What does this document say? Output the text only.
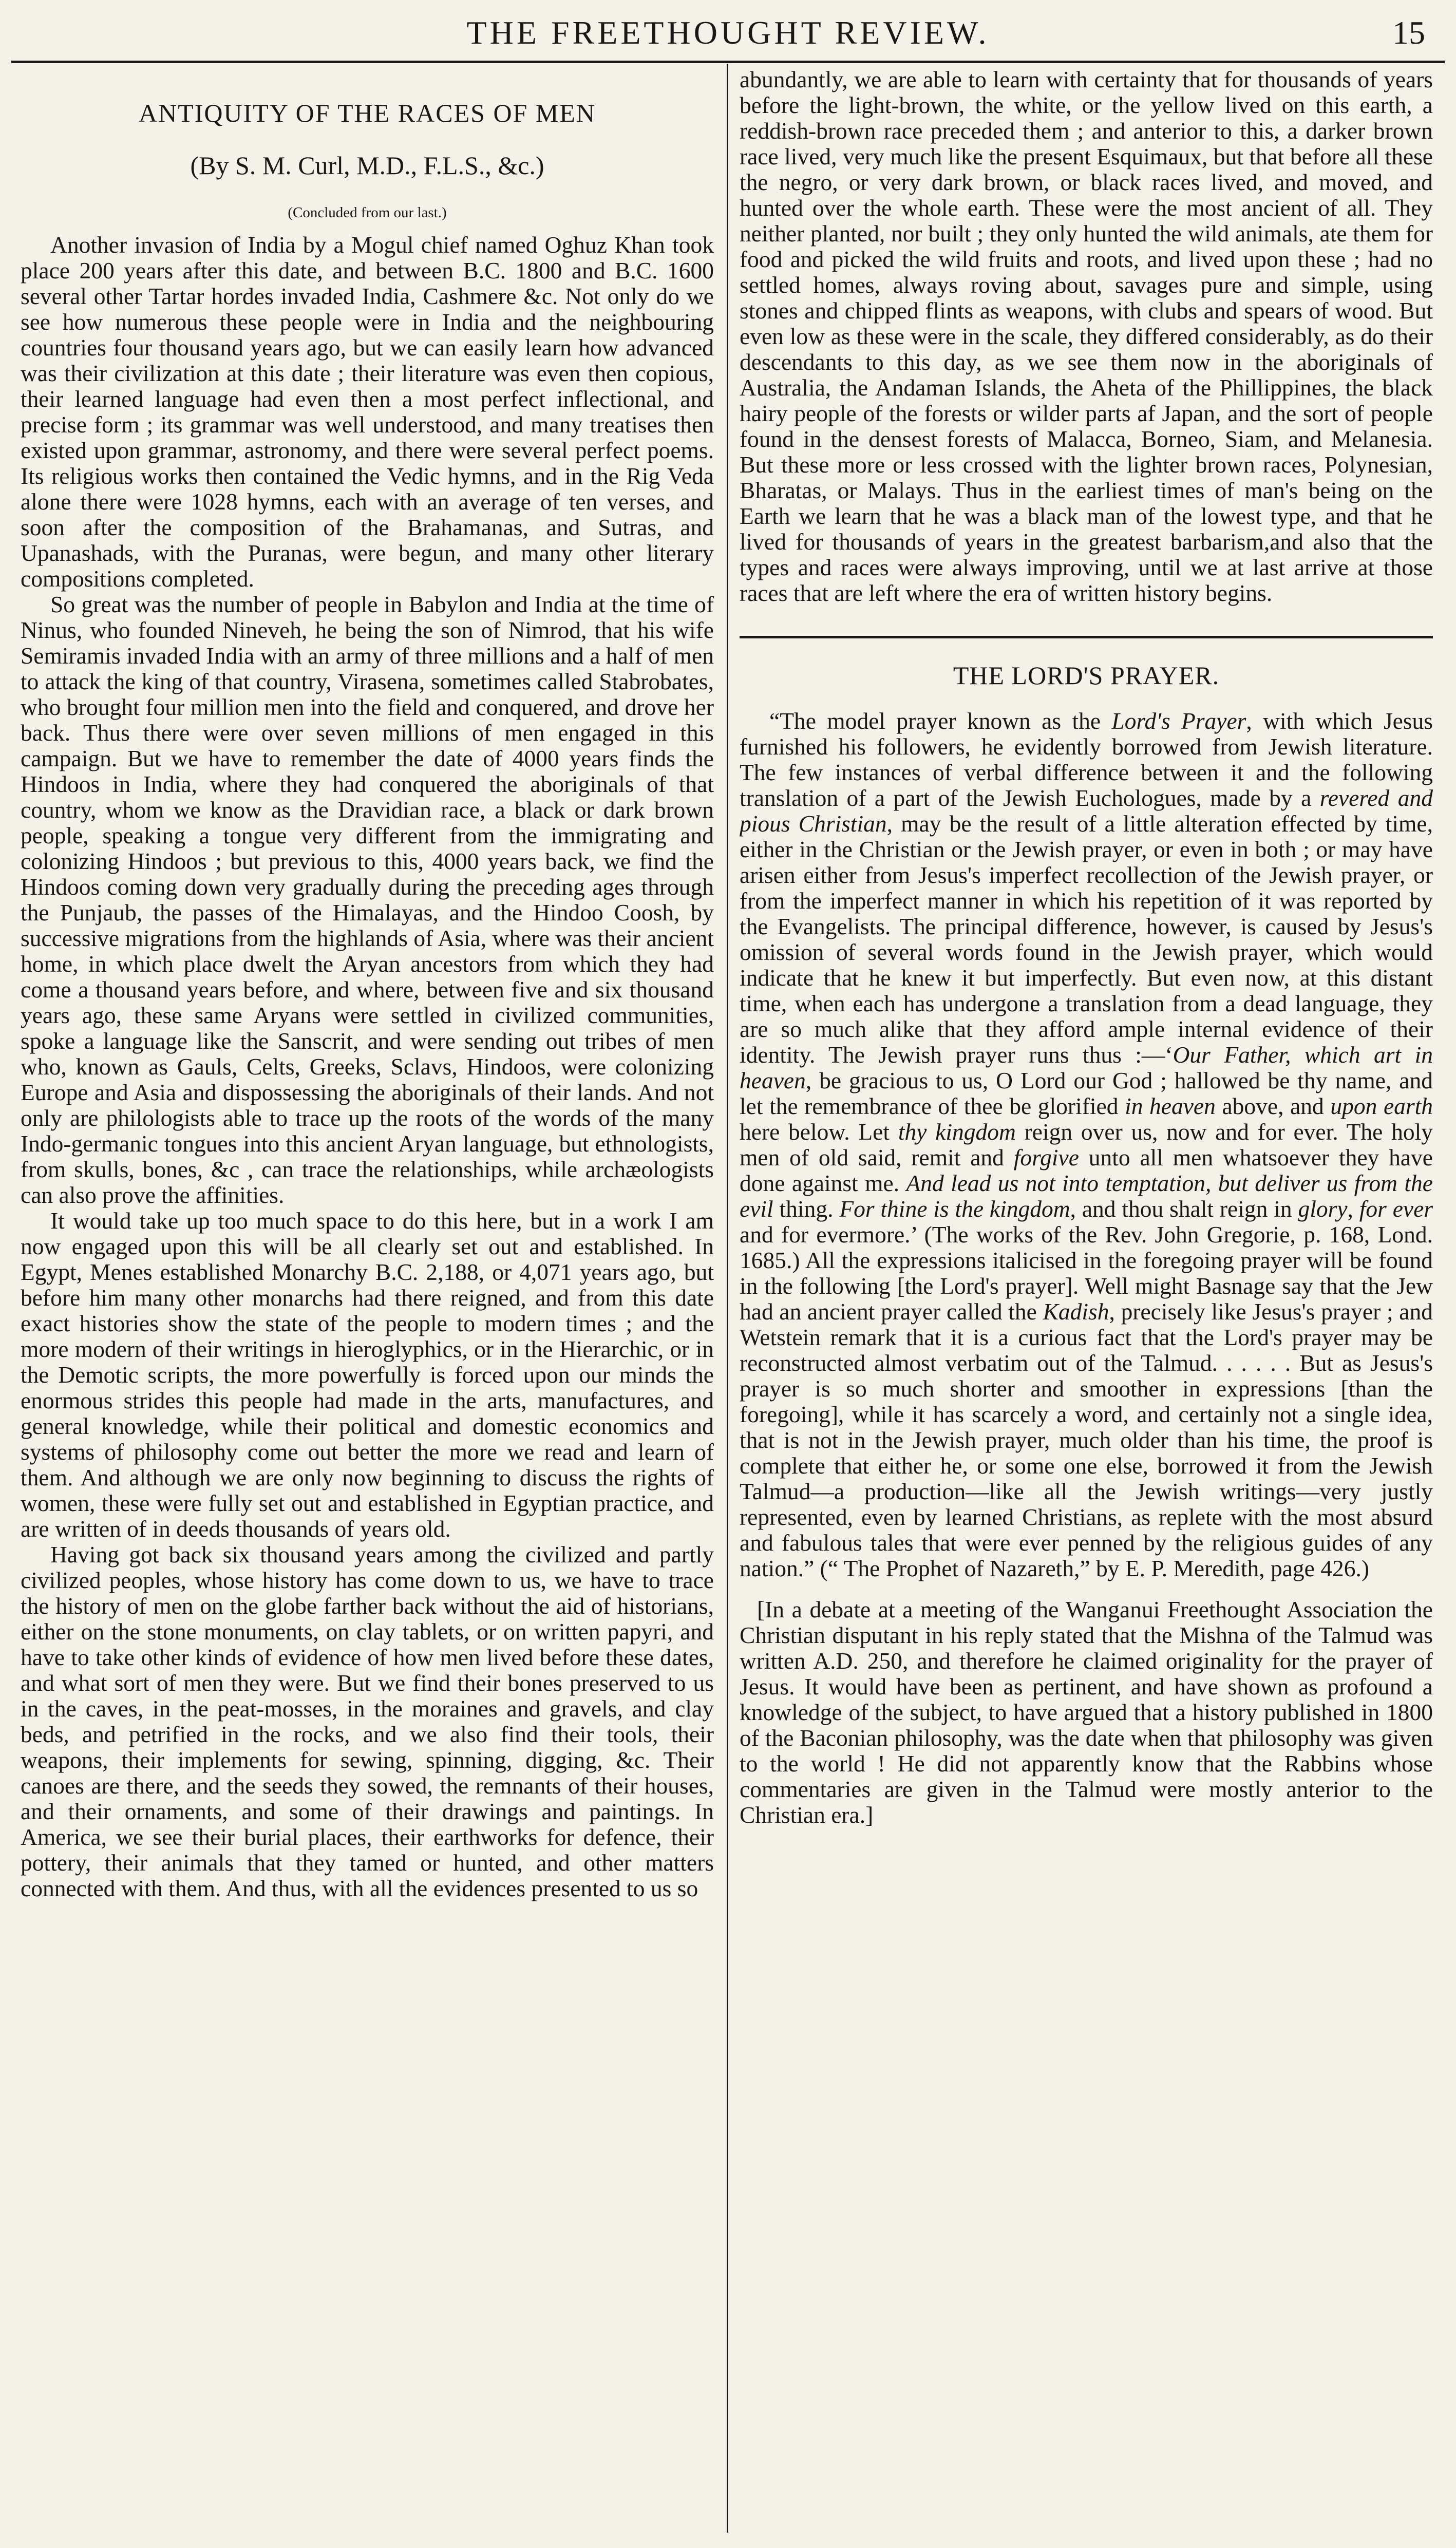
THE FREETHOUGHT REVIEW.	15
ANTIQUITY OF THE RACES OF MEN
(By S. M. Curl, M.D., F.L.S., &c.)
(Concluded from our last.)

Another invasion of India by a Mogul chief named Oghuz Khan took place 200 years after this date, and between B.C. 1800 and B.C. 1600 several other Tartar hordes invaded India, Cashmere &c. Not only do we see how numerous these people were in India and the neighbouring countries four thousand years ago, but we can easily learn how advanced was their civilization at this date ; their literature was even then copious, their learned language had even then a most perfect inflectional, and precise form ; its grammar was well understood, and many treatises then existed upon grammar, astronomy, and there were several perfect poems. Its religious works then contained the Vedic hymns, and in the Rig Veda alone there were 1028 hymns, each with an average of ten verses, and soon after the composition of the Brahamanas, and Sutras, and Upanashads, with the Puranas, were begun, and many other literary compositions completed.

So great was the number of people in Babylon and India at the time of Ninus, who founded Nineveh, he being the son of Nimrod, that his wife Semiramis invaded India with an army of three millions and a half of men to attack the king of that country, Virasena, sometimes called Stabrobates, who brought four million men into the field and conquered, and drove her back. Thus there were over seven millions of men engaged in this campaign. But we have to remember the date of 4000 years finds the Hindoos in India, where they had conquered the aboriginals of that country, whom we know as the Dravidian race, a black or dark brown people, speaking a tongue very different from the immigrating and colonizing Hindoos ; but previous to this, 4000 years back, we find the Hindoos coming down very gradually during the preceding ages through the Punjaub, the passes of the Himalayas, and the Hindoo Coosh, by successive migrations from the highlands of Asia, where was their ancient home, in which place dwelt the Aryan ancestors from which they had come a thousand years before, and where, between five and six thousand years ago, these same Aryans were settled in civilized communities, spoke a language like the Sanscrit, and were sending out tribes of men who, known as Gauls, Celts, Greeks, Sclavs, Hindoos, were colonizing Europe and Asia and dispossessing the aboriginals of their lands. And not only are philologists able to trace up the roots of the words of the many Indo-germanic tongues into this ancient Aryan language, but ethnologists, from skulls, bones, &c , can trace the relationships, while archæologists can also prove the affinities.

It would take up too much space to do this here, but in a work I am now engaged upon this will be all clearly set out and established. In Egypt, Menes established Monarchy B.C. 2,188, or 4,071 years ago, but before him many other monarchs had there reigned, and from this date exact histories show the state of the people to modern times ; and the more modern of their writings in hieroglyphics, or in the Hierarchic, or in the Demotic scripts, the more powerfully is forced upon our minds the enormous strides this people had made in the arts, manufactures, and general knowledge, while their political and domestic economics and systems of philosophy come out better the more we read and learn of them. And although we are only now beginning to discuss the rights of women, these were fully set out and established in Egyptian practice, and are written of in deeds thousands of years old.

Having got back six thousand years among the civilized and partly civilized peoples, whose history has come down to us, we have to trace the history of men on the globe farther back without the aid of historians, either on the stone monuments, on clay tablets, or on written papyri, and have to take other kinds of evidence of how men lived before these dates, and what sort of men they were. But we find their bones preserved to us in the caves, in the peat-mosses, in the moraines and gravels, and clay beds, and petrified in the rocks, and we also find their tools, their weapons, their implements for sewing, spinning, digging, &c. Their canoes are there, and the seeds they sowed, the remnants of their houses, and their ornaments, and some of their drawings and paintings. In America, we see their burial places, their earthworks for defence, their pottery, their animals that they tamed or hunted, and other matters connected with them. And thus, with all the evidences presented to us so

abundantly, we are able to learn with certainty that for thousands of years before the light-brown, the white, or the yellow lived on this earth, a reddish-brown race preceded them ; and anterior to this, a darker brown race lived, very much like the present Esquimaux, but that before all these the negro, or very dark brown, or black races lived, and moved, and hunted over the whole earth. These were the most ancient of all. They neither planted, nor built ; they only hunted the wild animals, ate them for food and picked the wild fruits and roots, and lived upon these ; had no settled homes, always roving about, savages pure and simple, using stones and chipped flints as weapons, with clubs and spears of wood. But even low as these were in the scale, they differed considerably, as do their descendants to this day, as we see them now in the aboriginals of Australia, the Andaman Islands, the Aheta of the Phillippines, the black hairy people of the forests or wilder parts af Japan, and the sort of people found in the densest forests of Malacca, Borneo, Siam, and Melanesia. But these more or less crossed with the lighter brown races, Polynesian, Bharatas, or Malays. Thus in the earliest times of man's being on the Earth we learn that he was a black man of the lowest type, and that he lived for thousands of years in the greatest barbarism,and also that the types and races were always improving, until we at last arrive at those races that are left where the era of written history begins.

THE LORD'S PRAYER.

“The model prayer known as the Lord's Prayer, with which Jesus furnished his followers, he evidently borrowed from Jewish literature. The few instances of verbal difference between it and the following translation of a part of the Jewish Euchologues, made by a revered and pious Christian, may be the result of a little alteration effected by time, either in the Christian or the Jewish prayer, or even in both ; or may have arisen either from Jesus's imperfect recollection of the Jewish prayer, or from the imperfect manner in which his repetition of it was reported by the Evangelists. The principal difference, however, is caused by Jesus's omission of several words found in the Jewish prayer, which would indicate that he knew it but imperfectly. But even now, at this distant time, when each has undergone a translation from a dead language, they are so much alike that they afford ample internal evidence of their identity. The Jewish prayer runs thus :—‘Our Father, which art in heaven, be gracious to us, O Lord our God ; hallowed be thy name, and let the remembrance of thee be glorified in heaven above, and upon earth here below. Let thy kingdom reign over us, now and for ever. The holy men of old said, remit and forgive unto all men whatsoever they have done against me. And lead us not into temptation, but deliver us from the evil thing. For thine is the kingdom, and thou shalt reign in glory, for ever and for evermore.’ (The works of the Rev. John Gregorie, p. 168, Lond. 1685.) All the expressions italicised in the foregoing prayer will be found in the following [the Lord's prayer]. Well might Basnage say that the Jew had an ancient prayer called the Kadish, precisely like Jesus's prayer ; and Wetstein remark that it is a curious fact that the Lord's prayer may be reconstructed almost verbatim out of the Talmud. . . . . . But as Jesus's prayer is so much shorter and smoother in expressions [than the foregoing], while it has scarcely a word, and certainly not a single idea, that is not in the Jewish prayer, much older than his time, the proof is complete that either he, or some one else, borrowed it from the Jewish Talmud—a production—like all the Jewish writings—very justly represented, even by learned Christians, as replete with the most absurd and fabulous tales that were ever penned by the religious guides of any nation.” (“ The Prophet of Nazareth,” by E. P. Meredith, page 426.)

[In a debate at a meeting of the Wanganui Freethought Association the Christian disputant in his reply stated that the Mishna of the Talmud was written A.D. 250, and therefore he claimed originality for the prayer of Jesus. It would have been as pertinent, and have shown as profound a knowledge of the subject, to have argued that a history published in 1800 of the Baconian philosophy, was the date when that philosophy was given to the world ! He did not apparently know that the Rabbins whose commentaries are given in the Talmud were mostly anterior to the Christian era.]
